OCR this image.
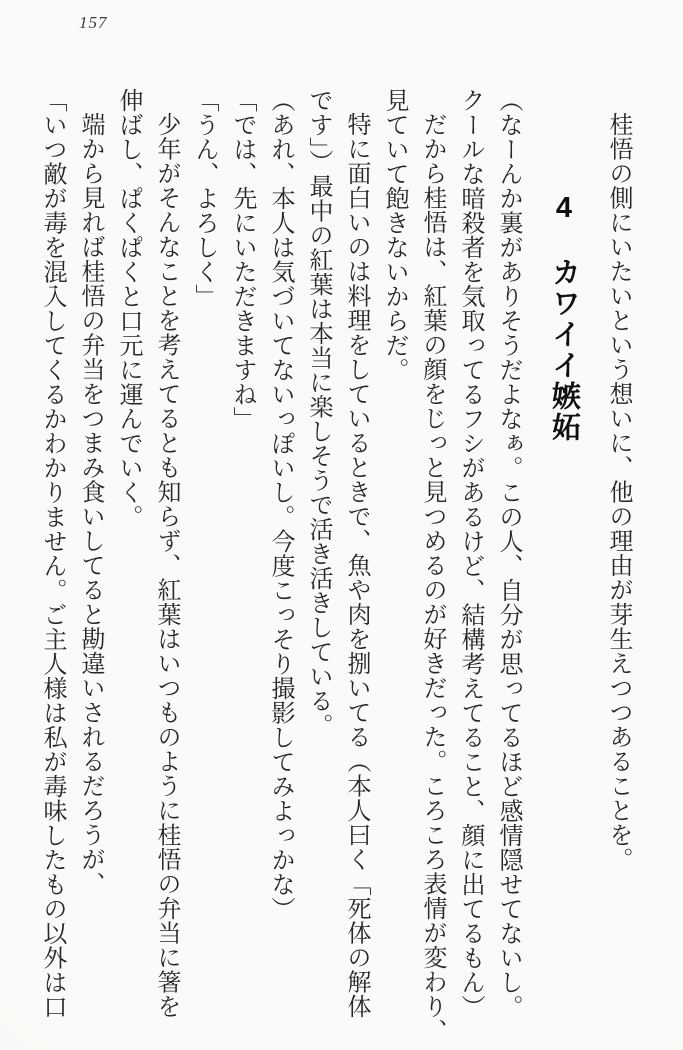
157
桂悟の側にいたいという想いに、他の理由が芽生えつつあることを。
4　カワイイ嫉妬
（なーんか裏がありそうだよなぁ。この人、自分が思ってるほど感情隠せてないし。
クールな暗殺者を気取ってるフシがあるけど、結構考えてること、顔に出てるもん）
だから桂悟は、紅葉の顔をじっと見つめるのが好きだった。ころころ表情が変わり、
見ていて飽きないからだ。
特に面白いのは料理をしているときで、魚や肉を捌いてる（本人曰く「死体の解体
です」）最中の紅葉は本当に楽しそうで活き活きしている。
（あれ、本人は気づいてないっぽいし。今度こっそり撮影してみよっかな）
「では、先にいただきますね」
「うん、よろしく」
少年がそんなことを考えてるとも知らず、紅葉はいつものように桂悟の弁当に箸を
伸ばし、ぱくぱくと口元に運んでいく。
端から見れば桂悟の弁当をつまみ食いしてると勘違いされるだろうが、
「いつ敵が毒を混入してくるかわかりません。ご主人様は私が毒味したもの以外は口
